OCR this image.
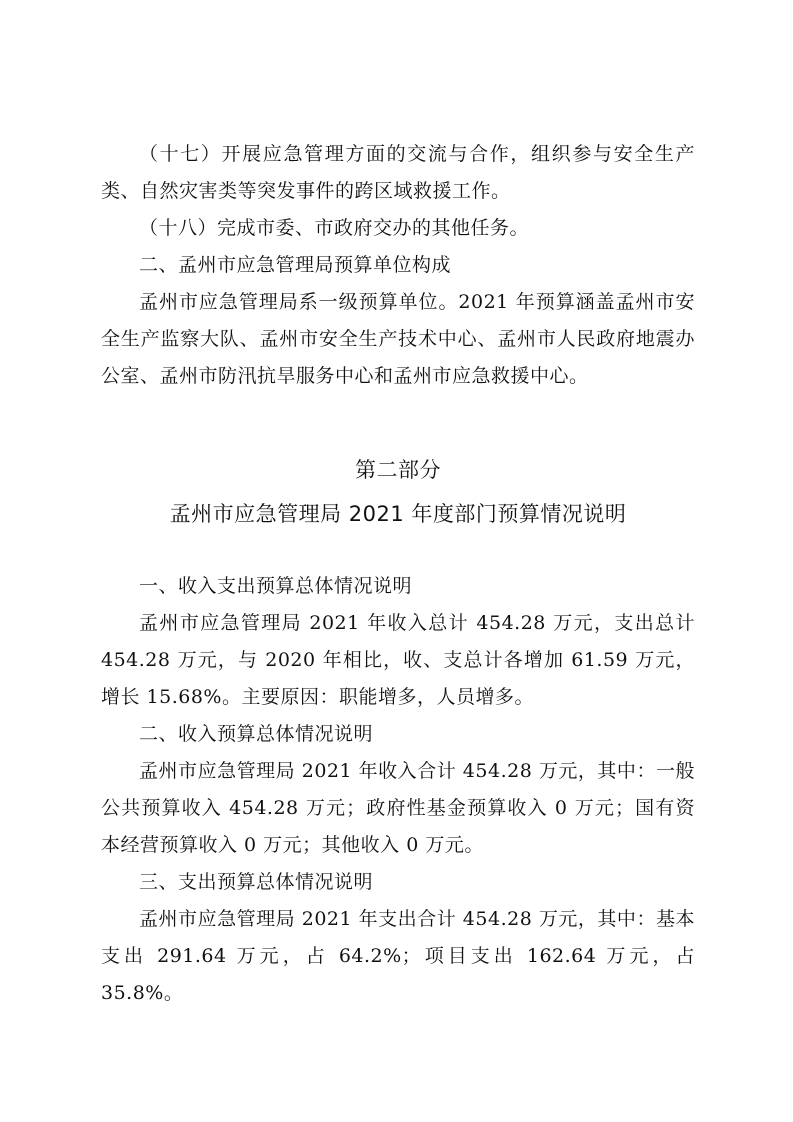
（十七）开展应急管理方面的交流与合作，组织参与安全生产类、自然灾害类等突发事件的跨区域救援工作。

（十八）完成市委、市政府交办的其他任务。

二、孟州市应急管理局预算单位构成

孟州市应急管理局系一级预算单位。2021 年预算涵盖孟州市安全生产监察大队、孟州市安全生产技术中心、孟州市人民政府地震办公室、孟州市防汛抗旱服务中心和孟州市应急救援中心。

第二部分

孟州市应急管理局 2021 年度部门预算情况说明

一、收入支出预算总体情况说明

孟州市应急管理局 2021 年收入总计 454.28 万元，支出总计 454.28 万元，与 2020 年相比，收、支总计各增加 61.59 万元，增长 15.68%。主要原因：职能增多，人员增多。

二、收入预算总体情况说明

孟州市应急管理局 2021 年收入合计 454.28 万元，其中：一般公共预算收入 454.28 万元；政府性基金预算收入 0 万元；国有资本经营预算收入 0 万元；其他收入 0 万元。

三、支出预算总体情况说明

孟州市应急管理局 2021 年支出合计 454.28 万元，其中：基本支出 291.64 万元，占 64.2%；项目支出 162.64 万元，占 35.8%。
